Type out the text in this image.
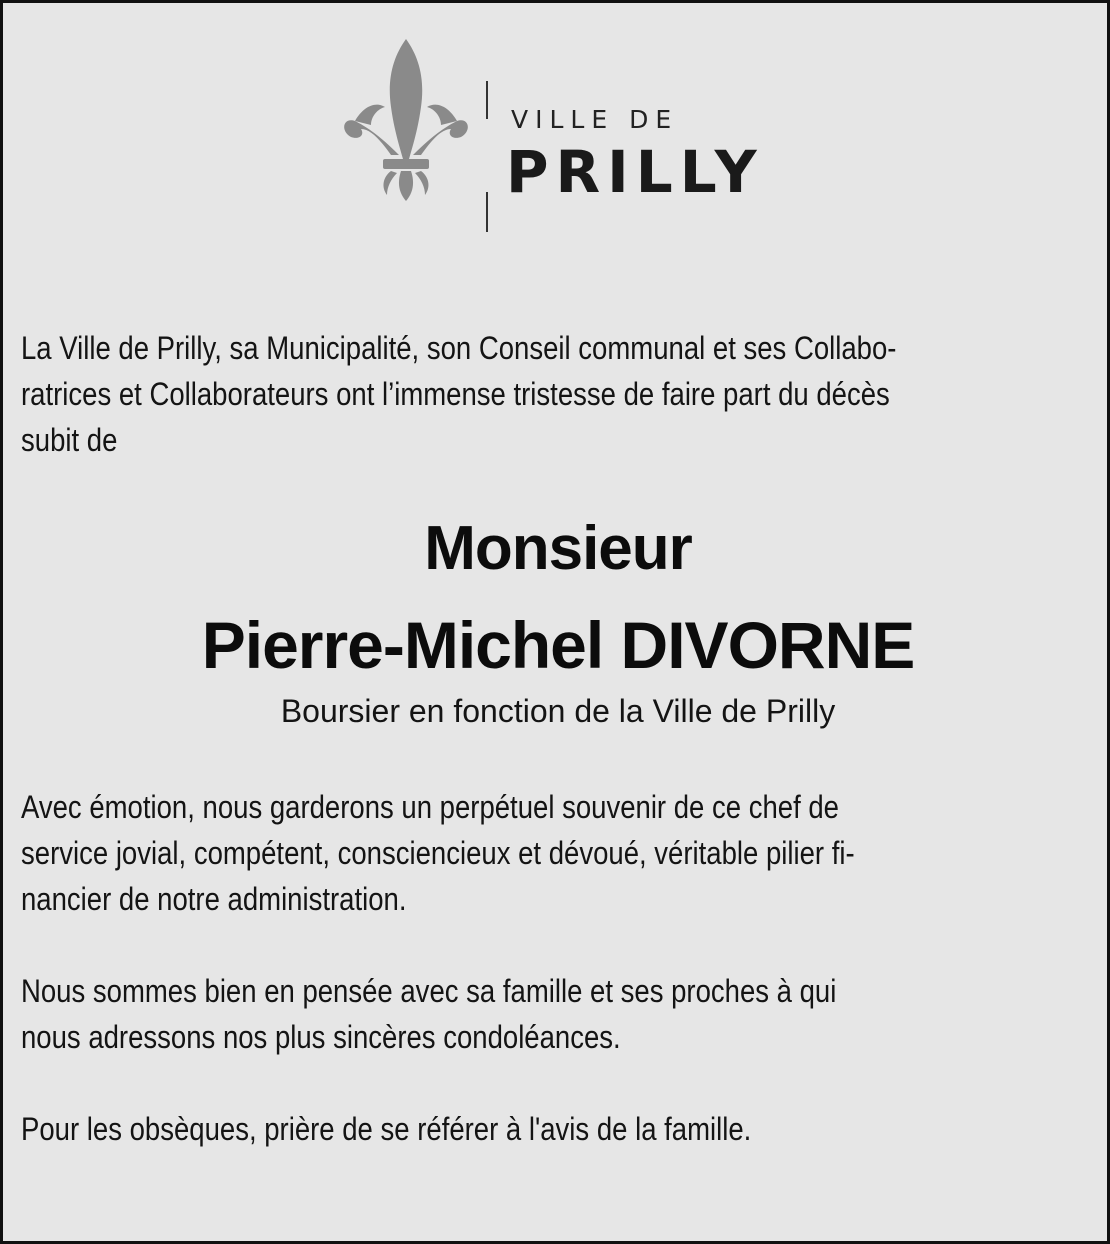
VILLE DE
PRILLY
La Ville de Prilly, sa Municipalité, son Conseil communal et ses Collabo-
ratrices et Collaborateurs ont l’immense tristesse de faire part du décès
subit de
Monsieur
Pierre-Michel DIVORNE
Boursier en fonction de la Ville de Prilly
Avec émotion, nous garderons un perpétuel souvenir de ce chef de
service jovial, compétent, consciencieux et dévoué, véritable pilier fi-
nancier de notre administration.
Nous sommes bien en pensée avec sa famille et ses proches à qui
nous adressons nos plus sincères condoléances.
Pour les obsèques, prière de se référer à l'avis de la famille.
